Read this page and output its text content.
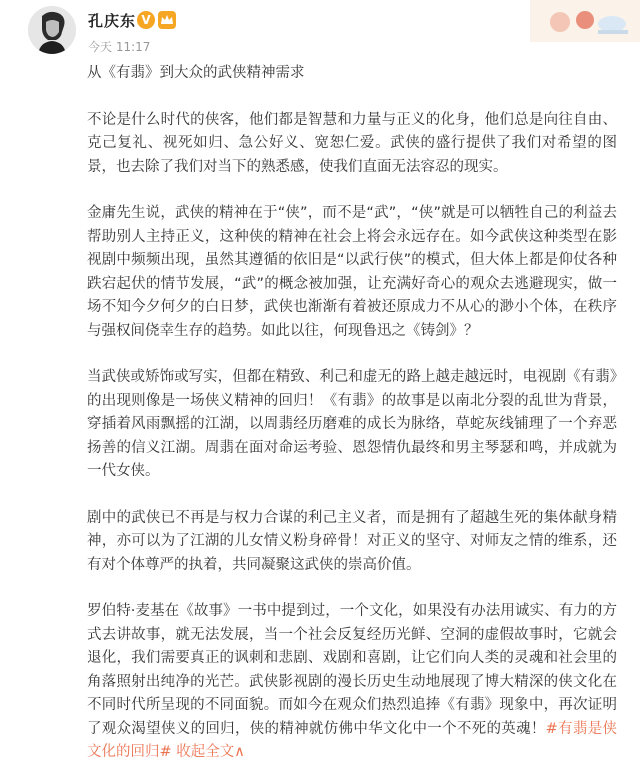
孔庆东 V
今天 11:17

从《有翡》到大众的武侠精神需求

不论是什么时代的侠客，他们都是智慧和力量与正义的化身，他们总是向往自由、克己复礼、视死如归、急公好义、宽恕仁爱。武侠的盛行提供了我们对希望的图景，也去除了我们对当下的熟悉感，使我们直面无法容忍的现实。

金庸先生说，武侠的精神在于“侠”，而不是“武”，“侠”就是可以牺牲自己的利益去帮助别人主持正义，这种侠的精神在社会上将会永远存在。如今武侠这种类型在影视剧中频频出现，虽然其遵循的依旧是“以武行侠”的模式，但大体上都是仰仗各种跌宕起伏的情节发展，“武”的概念被加强，让充满好奇心的观众去逃避现实，做一场不知今夕何夕的白日梦，武侠也渐渐有着被还原成力不从心的渺小个体，在秩序与强权间侥幸生存的趋势。如此以往，何现鲁迅之《铸剑》？

当武侠或矫饰或写实，但都在精致、利己和虚无的路上越走越远时，电视剧《有翡》的出现则像是一场侠义精神的回归！《有翡》的故事是以南北分裂的乱世为背景，穿插着风雨飘摇的江湖，以周翡经历磨难的成长为脉络，草蛇灰线铺理了一个弃恶扬善的信义江湖。周翡在面对命运考验、恩怨情仇最终和男主琴瑟和鸣，并成就为一代女侠。

剧中的武侠已不再是与权力合谋的利己主义者，而是拥有了超越生死的集体献身精神，亦可以为了江湖的儿女情义粉身碎骨！对正义的坚守、对师友之情的维系，还有对个体尊严的执着，共同凝聚这武侠的崇高价值。

罗伯特·麦基在《故事》一书中提到过，一个文化，如果没有办法用诚实、有力的方式去讲故事，就无法发展，当一个社会反复经历光鲜、空洞的虚假故事时，它就会退化，我们需要真正的讽刺和悲剧、戏剧和喜剧，让它们向人类的灵魂和社会里的角落照射出纯净的光芒。武侠影视剧的漫长历史生动地展现了博大精深的侠文化在不同时代所呈现的不同面貌。而如今在观众们热烈追捧《有翡》现象中，再次证明了观众渴望侠义的回归，侠的精神就仿佛中华文化中一个不死的英魂！#有翡是侠文化的回归# 收起全文∧
